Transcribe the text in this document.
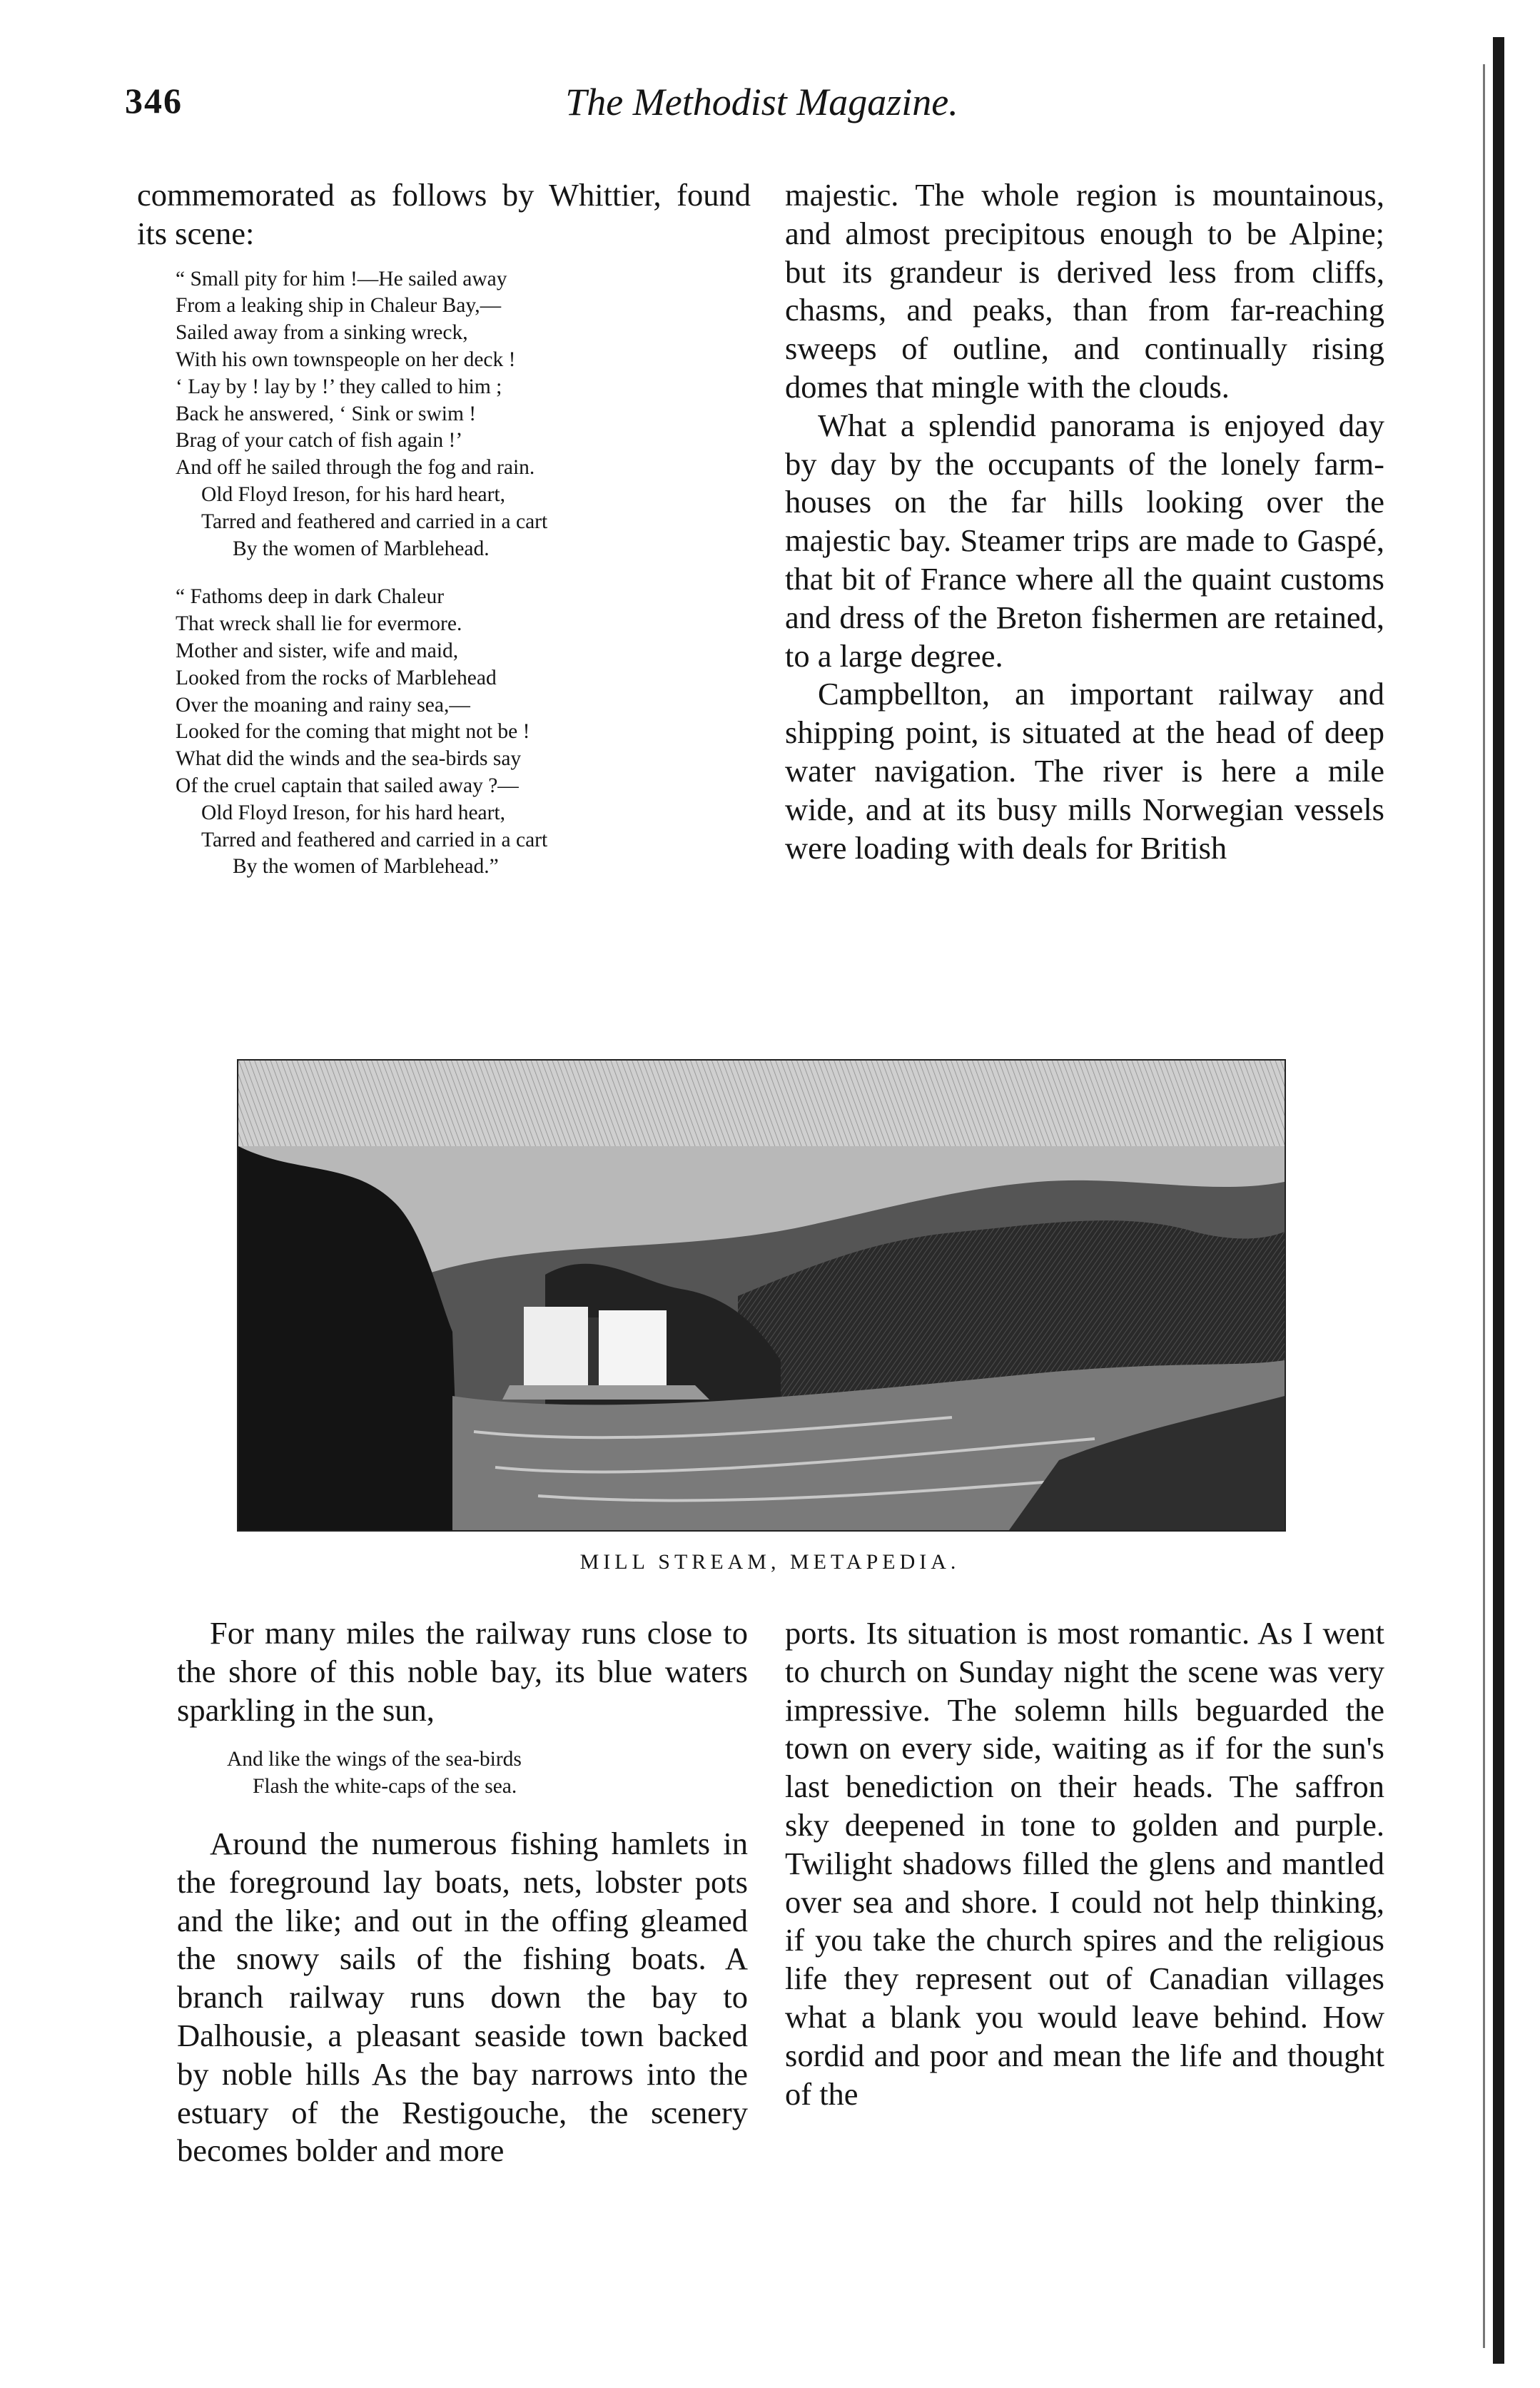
346	The Methodist Magazine.

commemorated as follows by Whittier, found its scene:

“ Small pity for him !—He sailed away
From a leaking ship in Chaleur Bay,—
Sailed away from a sinking wreck,
With his own townspeople on her deck !
‘ Lay by ! lay by !’ they called to him ;
Back he answered, ‘ Sink or swim !
Brag of your catch of fish again !’
And off he sailed through the fog and rain.
Old Floyd Ireson, for his hard heart,
Tarred and feathered and carried in a cart
By the women of Marblehead.
“ Fathoms deep in dark Chaleur
That wreck shall lie for evermore.
Mother and sister, wife and maid,
Looked from the rocks of Marblehead
Over the moaning and rainy sea,—
Looked for the coming that might not be !
What did the winds and the sea-birds say
Of the cruel captain that sailed away ?—
Old Floyd Ireson, for his hard heart,
Tarred and feathered and carried in a cart
By the women of Marblehead.”

majestic. The whole region is mountainous, and almost precipitous enough to be Alpine; but its grandeur is derived less from cliffs, chasms, and peaks, than from far-reaching sweeps of outline, and continually rising domes that mingle with the clouds.

What a splendid panorama is enjoyed day by day by the occupants of the lonely farm-houses on the far hills looking over the majestic bay. Steamer trips are made to Gaspé, that bit of France where all the quaint customs and dress of the Breton fishermen are retained, to a large degree.

Campbellton, an important railway and shipping point, is situated at the head of deep water navigation. The river is here a mile wide, and at its busy mills Norwegian vessels were loading with deals for British

MILL STREAM, METAPEDIA.

For many miles the railway runs close to the shore of this noble bay, its blue waters sparkling in the sun,

And like the wings of the sea-birds
Flash the white-caps of the sea.

Around the numerous fishing hamlets in the foreground lay boats, nets, lobster pots and the like; and out in the offing gleamed the snowy sails of the fishing boats. A branch railway runs down the bay to Dalhousie, a pleasant seaside town backed by noble hills As the bay narrows into the estuary of the Restigouche, the scenery becomes bolder and more

ports. Its situation is most romantic. As I went to church on Sunday night the scene was very impressive. The solemn hills beguarded the town on every side, waiting as if for the sun's last benediction on their heads. The saffron sky deepened in tone to golden and purple. Twilight shadows filled the glens and mantled over sea and shore. I could not help thinking, if you take the church spires and the religious life they represent out of Canadian villages what a blank you would leave behind. How sordid and poor and mean the life and thought of the
